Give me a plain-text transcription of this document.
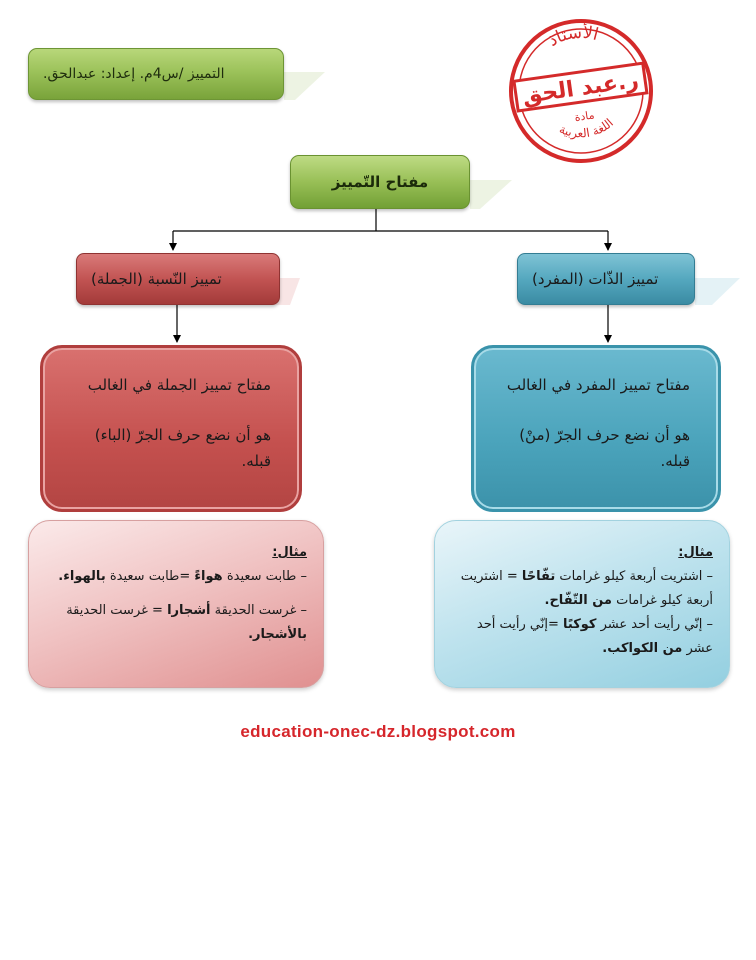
التمييز /س4م. إعداد: عبدالحق.
مفتاح التّمييز
تمييز النّسبة (الجملة)	تمييز الذّات (المفرد)
مفتاح تمييز الجملة في الغالب
هو أن نضع حرف الجرّ (الباء)
قبله.
مفتاح تمييز المفرد في الغالب
هو أن نضع حرف الجرّ (منْ)
قبله.
مثال:
– طابت سعيدة هواءً =طابت سعيدة بالهواء.
– غرست الحديقة أشجارا = غرست الحديقة
بالأشجار.
مثال:
– اشتريت أربعة كيلو غرامات تفّاحًا = اشتريت
أربعة كيلو غرامات من التّفّاح.
– إنّي رأيت أحد عشر كوكبًا =إنّي رأيت أحد
عشر من الكواكب.
الأستاذ
ر.عبد الحق
مادة
اللغة العربية
education-onec-dz.blogspot.com
